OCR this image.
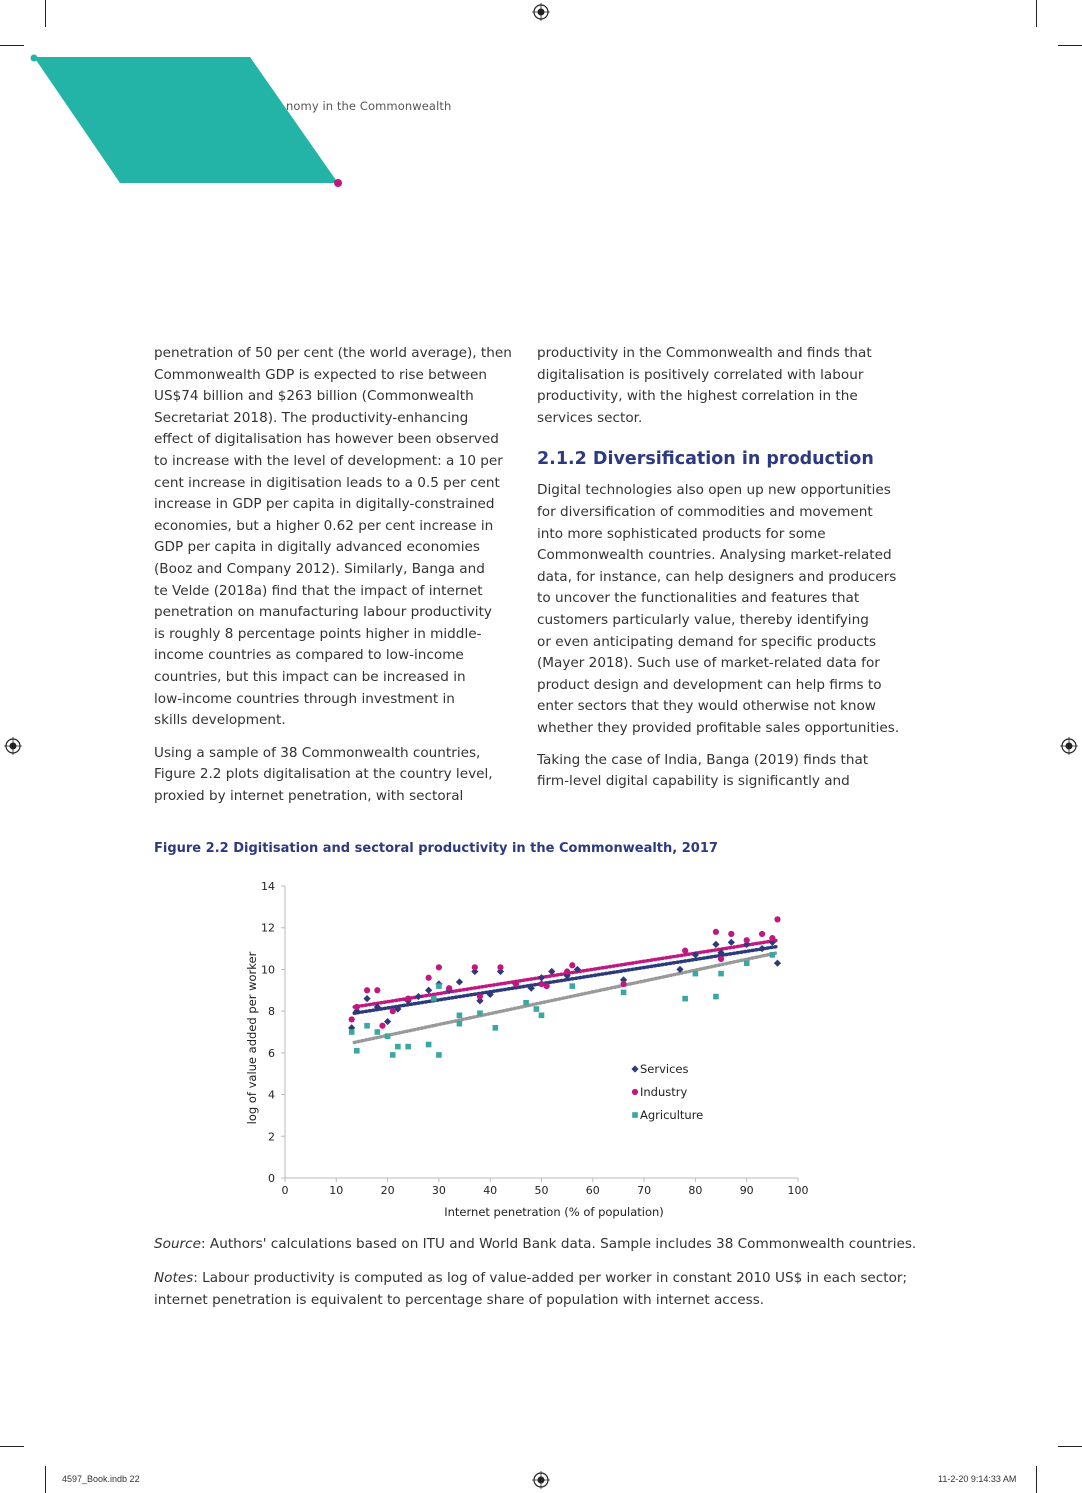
nomy in the Commonwealth

penetration of 50 per cent (the world average), then
Commonwealth GDP is expected to rise between
US$74 billion and $263 billion (Commonwealth
Secretariat 2018). The productivity-enhancing
effect of digitalisation has however been observed
to increase with the level of development: a 10 per
cent increase in digitisation leads to a 0.5 per cent
increase in GDP per capita in digitally-constrained
economies, but a higher 0.62 per cent increase in
GDP per capita in digitally advanced economies
(Booz and Company 2012). Similarly, Banga and
te Velde (2018a) find that the impact of internet
penetration on manufacturing labour productivity
is roughly 8 percentage points higher in middle-
income countries as compared to low-income
countries, but this impact can be increased in
low-income countries through investment in
skills development.

Using a sample of 38 Commonwealth countries,
Figure 2.2 plots digitalisation at the country level,
proxied by internet penetration, with sectoral

productivity in the Commonwealth and finds that
digitalisation is positively correlated with labour
productivity, with the highest correlation in the
services sector.

2.1.2 Diversification in production

Digital technologies also open up new opportunities
for diversification of commodities and movement
into more sophisticated products for some
Commonwealth countries. Analysing market-related
data, for instance, can help designers and producers
to uncover the functionalities and features that
customers particularly value, thereby identifying
or even anticipating demand for specific products
(Mayer 2018). Such use of market-related data for
product design and development can help firms to
enter sectors that they would otherwise not know
whether they provided profitable sales opportunities.

Taking the case of India, Banga (2019) finds that
firm-level digital capability is significantly and

Figure 2.2 Digitisation and sectoral productivity in the Commonwealth, 2017
0
2
4
6
8
10
12
14
0	10	20	30	40	50	60	70	80	90	100
Services
Industry
Agriculture
Internet penetration (% of population)
log of value added per worker
Source: Authors' calculations based on ITU and World Bank data. Sample includes 38 Commonwealth countries.
Notes: Labour productivity is computed as log of value-added per worker in constant 2010 US$ in each sector;
internet penetration is equivalent to percentage share of population with internet access.
4597_Book.indb 22	11-2-20 9:14:33 AM
